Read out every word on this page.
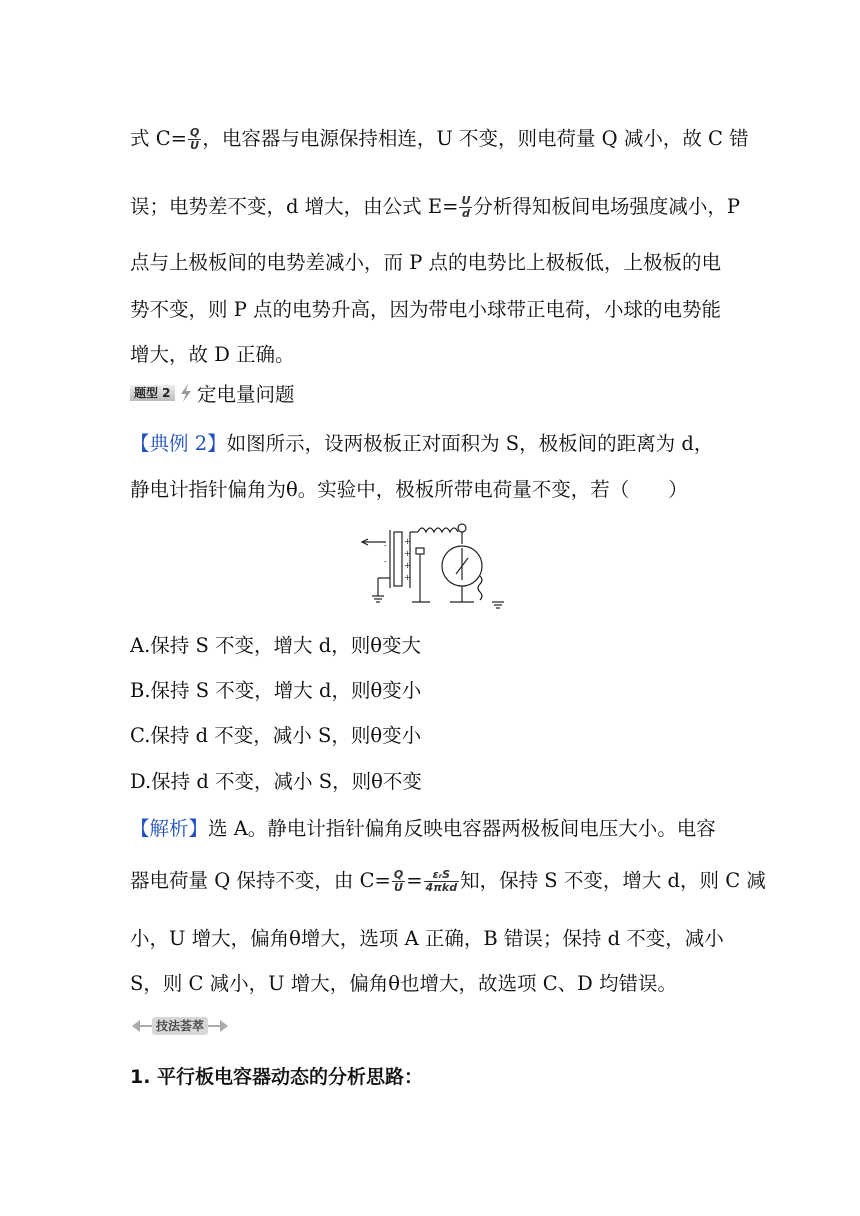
式 $C= \frac{Q}{U}$ ，电容器与电源保持相连，U 不变，则电荷量 Q 减小，故 C 错
误；电势差不变，d 增大，由公式 $E= \frac{U}{d}$ 分析得知板间电场强度减小，P
点与上极板间的电势差减小，而 P 点的电势比上极板低，上极板的电
势不变，则 P 点的电势升高，因为带电小球带正电荷，小球的电势能
增大，故 D 正确。
题型 2 定电量问题
【典例 2】如图所示，设两极板正对面积为 S，极板间的距离为 d，
静电计指针偏角为θ。实验中，极板所带电荷量不变，若（　　）
+
+
+
+
-
-
A.保持 S 不变，增大 d，则θ变大
B.保持 S 不变，增大 d，则θ变小
C.保持 d 不变，减小 S，则θ变小
D.保持 d 不变，减小 S，则θ不变
【解析】选 A。静电计指针偏角反映电容器两极板间电压大小。电容
器电荷量 Q 保持不变，由 $C= \frac{Q}{U} = \frac{\text{εᵣS}}{\text{4πkd}}$ 知，保持 S 不变，增大 d，则 C 减
小，U 增大，偏角θ增大，选项 A 正确，B 错误；保持 d 不变，减小
S，则 C 减小，U 增大，偏角θ也增大，故选项 C、D 均错误。
技法荟萃
1. 平行板电容器动态的分析思路：
